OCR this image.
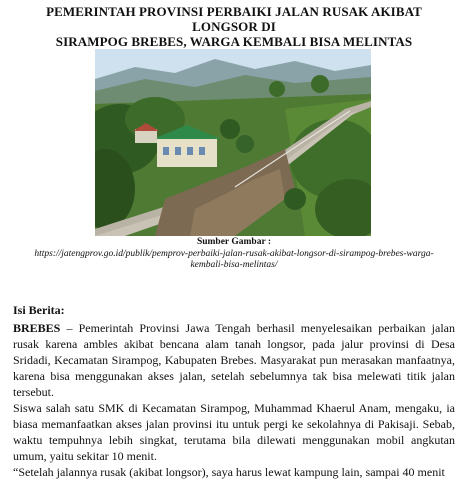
PEMERINTAH PROVINSI PERBAIKI JALAN RUSAK AKIBAT LONGSOR DI
SIRAMPOG BREBES, WARGA KEMBALI BISA MELINTAS
Sumber Gambar :
https://jatengprov.go.id/publik/pemprov-perbaiki-jalan-rusak-akibat-longsor-di-sirampog-brebes-warga-
kembali-bisa-melintas/
Isi Berita:

BREBES – Pemerintah Provinsi Jawa Tengah berhasil menyelesaikan perbaikan jalan rusak karena ambles akibat bencana alam tanah longsor, pada jalur provinsi di Desa Sridadi, Kecamatan Sirampog, Kabupaten Brebes. Masyarakat pun merasakan manfaatnya, karena bisa menggunakan akses jalan, setelah sebelumnya tak bisa melewati titik jalan tersebut.

Siswa salah satu SMK di Kecamatan Sirampog, Muhammad Khaerul Anam, mengaku, ia biasa memanfaatkan akses jalan provinsi itu untuk pergi ke sekolahnya di Pakisaji. Sebab, waktu tempuhnya lebih singkat, terutama bila dilewati menggunakan mobil angkutan umum, yaitu sekitar 10 menit.

“Setelah jalannya rusak (akibat longsor), saya harus lewat kampung lain, sampai 40 menit
